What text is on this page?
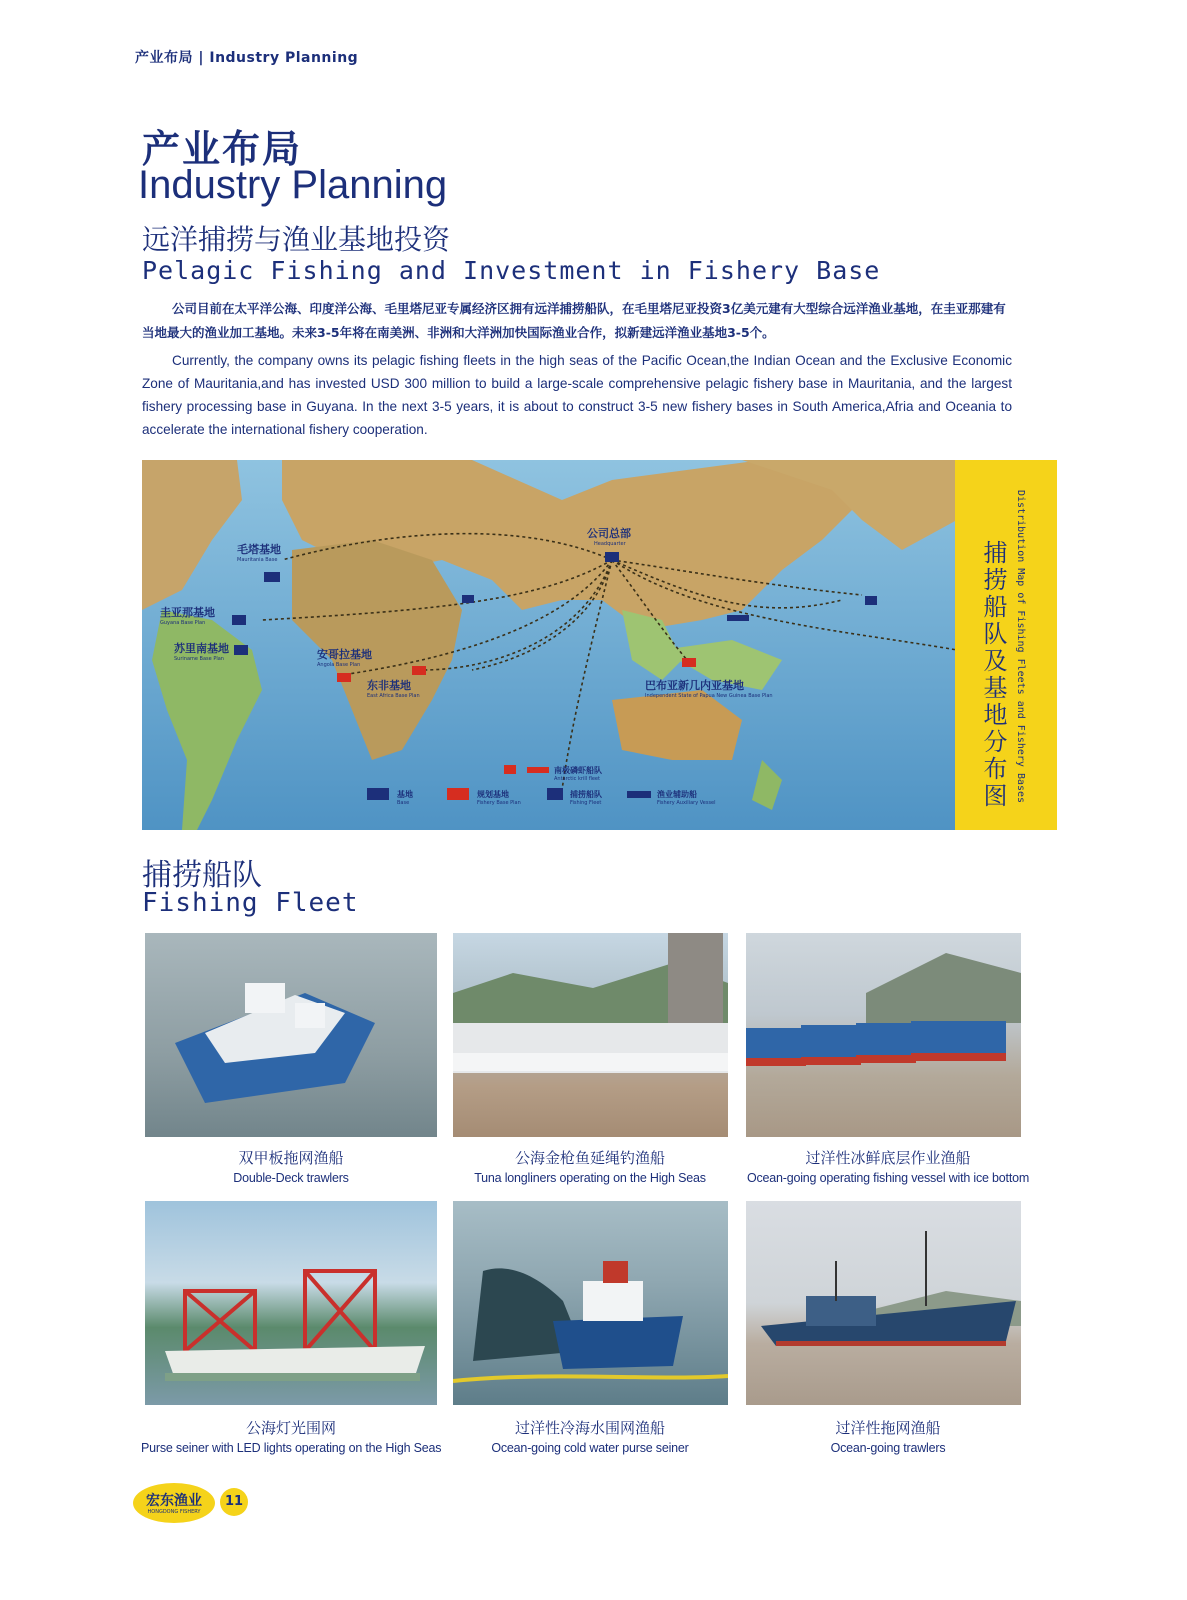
产业布局 | Industry Planning
产业布局
Industry Planning
远洋捕捞与渔业基地投资
Pelagic Fishing and Investment in Fishery Base
公司目前在太平洋公海、印度洋公海、毛里塔尼亚专属经济区拥有远洋捕捞船队，在毛里塔尼亚投资3亿美元建有大型综合远洋渔业基地，在圭亚那建有当地最大的渔业加工基地。未来3-5年将在南美洲、非洲和大洋洲加快国际渔业合作，拟新建远洋渔业基地3-5个。
Currently, the company owns its pelagic fishing fleets in the high seas of the Pacific Ocean,the Indian Ocean and the Exclusive Economic Zone of Mauritania,and has invested USD 300 million to build a large-scale comprehensive pelagic fishery base in Mauritania, and the largest fishery processing base in Guyana. In the next 3-5 years, it is about to construct 3-5 new fishery bases in South America,Afria and Oceania to accelerate the international fishery cooperation.
公司总部
Headquarter
毛塔基地
Mauritania Base
圭亚那基地
Guyana Base Plan
苏里南基地
Suriname Base Plan	安哥拉基地
Angola Base Plan
东非基地
East Africa Base Plan
巴布亚新几内亚基地
Independent State of Papua New Guinea Base Plan
南极磷虾船队
Antarctic krill fleet
基地
Base
规划基地
Fishery Base Plan
捕捞船队
Fishing Fleet
渔业辅助船
Fishery Auxiliary Vessel	捕捞船队及基地分布图 Distribution Map of Fishing Fleets and Fishery Bases
捕捞船队
Fishing Fleet
双甲板拖网渔船
Double-Deck trawlers
公海金枪鱼延绳钓渔船
Tuna longliners operating on the High Seas
过洋性冰鲜底层作业渔船
Ocean-going operating fishing vessel with ice bottom
公海灯光围网
Purse seiner with LED lights operating on the High Seas
过洋性冷海水围网渔船
Ocean-going cold water purse seiner
过洋性拖网渔船
Ocean-going trawlers
宏东渔业
HONGDONG FISHERY
11
